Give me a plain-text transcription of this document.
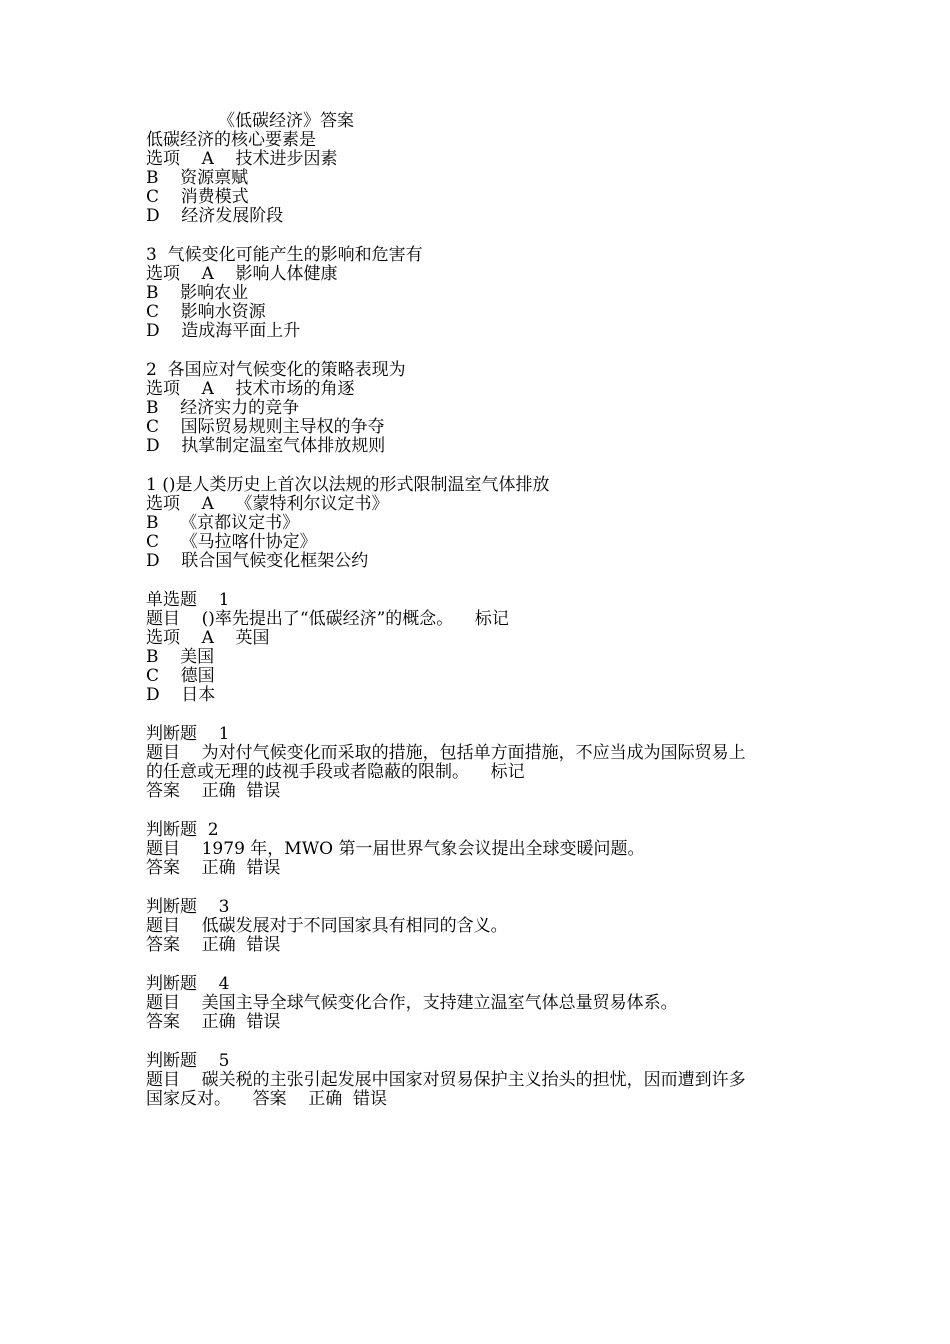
《低碳经济》答案
低碳经济的核心要素是
选项    A    技术进步因素
B    资源禀赋
C    消费模式
D    经济发展阶段
3  气候变化可能产生的影响和危害有
选项    A    影响人体健康
B    影响农业
C    影响水资源
D    造成海平面上升
2  各国应对气候变化的策略表现为
选项    A    技术市场的角逐
B    经济实力的竞争
C    国际贸易规则主导权的争夺
D    执掌制定温室气体排放规则
1 ()是人类历史上首次以法规的形式限制温室气体排放
选项    A    《蒙特利尔议定书》
B    《京都议定书》
C    《马拉喀什协定》
D    联合国气候变化框架公约
单选题    1
题目    ()率先提出了“低碳经济”的概念。    标记
选项    A    英国
B    美国
C    德国
D    日本
判断题    1
题目    为对付气候变化而采取的措施，包括单方面措施，不应当成为国际贸易上
的任意或无理的歧视手段或者隐蔽的限制。    标记
答案    正确  错误
判断题  2
题目    1979 年，MWO 第一届世界气象会议提出全球变暖问题。
答案    正确  错误
判断题    3
题目    低碳发展对于不同国家具有相同的含义。
答案    正确  错误
判断题    4
题目    美国主导全球气候变化合作，支持建立温室气体总量贸易体系。
答案    正确  错误
判断题    5
题目    碳关税的主张引起发展中国家对贸易保护主义抬头的担忧，因而遭到许多
国家反对。    答案    正确  错误
